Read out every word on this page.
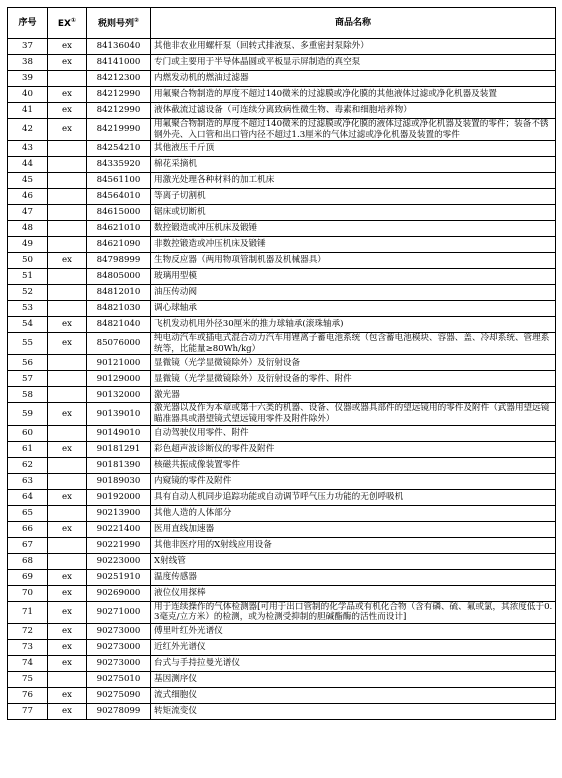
序号	EX①	税则号列②	商品名称
37	ex	84136040	其他非农业用螺杆泵（回转式排液泵、多重密封泵除外）
38	ex	84141000	专门或主要用于半导体晶圆或平板显示屏制造的真空泵
39		84212300	内燃发动机的燃油过滤器
40	ex	84212990	用氟聚合物制造的厚度不超过140微米的过滤膜或净化膜的其他液体过滤或净化机器及装置
41	ex	84212990	液体截流过滤设备（可连续分离致病性微生物、毒素和细胞培养物）
42	ex	84219990	用氟聚合物制造的厚度不超过140微米的过滤膜或净化膜的液体过滤或净化机器及装置的零件；装备不锈钢外壳、入口管和出口管内径不超过1.3厘米的气体过滤或净化机器及装置的零件
43		84254210	其他液压千斤顶
44		84335920	棉花采摘机
45		84561100	用激光处理各种材料的加工机床
46		84564010	等离子切割机
47		84615000	锯床或切断机
48		84621010	数控锻造或冲压机床及锻锤
49		84621090	非数控锻造或冲压机床及锻锤
50	ex	84798999	生物反应器（两用物项管制机器及机械器具）
51		84805000	玻璃用型模
52		84812010	油压传动阀
53		84821030	调心球轴承
54	ex	84821040	飞机发动机用外径30厘米的推力球轴承(滚珠轴承)
55	ex	85076000	纯电动汽车或插电式混合动力汽车用锂离子蓄电池系统（包含蓄电池模块、容器、盖、冷却系统、管理系统等，比能量≥80Wh/kg）
56		90121000	显微镜（光学显微镜除外）及衍射设备
57		90129000	显微镜（光学显微镜除外）及衍射设备的零件、附件
58		90132000	激光器
59	ex	90139010	激光器以及作为本章或第十六类的机器、设备、仪器或器具部件的望远镜用的零件及附件（武器用望远镜瞄准器具或潜望镜式望远镜用零件及附件除外）
60		90149010	自动驾驶仪用零件、附件
61	ex	90181291	彩色超声波诊断仪的零件及附件
62		90181390	核磁共振成像装置零件
63		90189030	内窥镜的零件及附件
64	ex	90192000	具有自动人机同步追踪功能或自动调节呼气压力功能的无创呼吸机
65		90213900	其他人造的人体部分
66	ex	90221400	医用直线加速器
67		90221990	其他非医疗用的X射线应用设备
68		90223000	X射线管
69	ex	90251910	温度传感器
70	ex	90269000	液位仪用探棒
71	ex	90271000	用于连续操作的气体检测器[可用于出口管制的化学品或有机化合物（含有磷、硫、氟或氯，其浓度低于0.3毫克/立方米）的检测，或为检测受抑制的胆碱酯酶的活性而设计]
72	ex	90273000	傅里叶红外光谱仪
73	ex	90273000	近红外光谱仪
74	ex	90273000	台式与手持拉曼光谱仪
75		90275010	基因测序仪
76	ex	90275090	流式细胞仪
77	ex	90278099	转矩流变仪
